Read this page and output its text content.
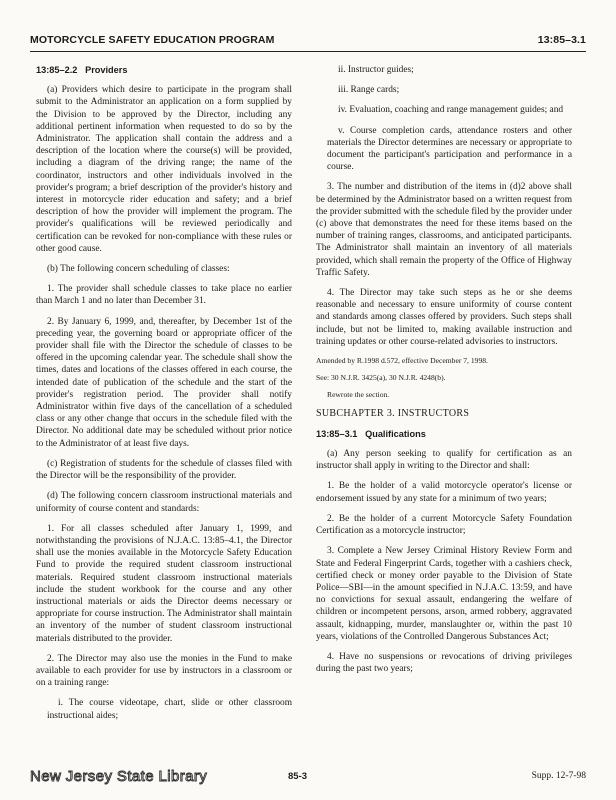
MOTORCYCLE SAFETY EDUCATION PROGRAM	13:85–3.1

13:85–2.2 Providers

(a) Providers which desire to participate in the program shall submit to the Administrator an application on a form supplied by the Division to be approved by the Director, including any additional pertinent information when requested to do so by the Administrator. The application shall contain the address and a description of the location where the course(s) will be provided, including a diagram of the driving range; the name of the coordinator, instructors and other individuals involved in the provider's program; a brief description of the provider's history and interest in motorcycle rider education and safety; and a brief description of how the provider will implement the program. The provider's qualifications will be reviewed periodically and certification can be revoked for non-compliance with these rules or other good cause.

(b) The following concern scheduling of classes:

1. The provider shall schedule classes to take place no earlier than March 1 and no later than December 31.

2. By January 6, 1999, and, thereafter, by December 1st of the preceding year, the governing board or appropriate officer of the provider shall file with the Director the schedule of classes to be offered in the upcoming calendar year. The schedule shall show the times, dates and locations of the classes offered in each course, the intended date of publication of the schedule and the start of the provider's registration period. The provider shall notify Administrator within five days of the cancellation of a scheduled class or any other change that occurs in the schedule filed with the Director. No additional date may be scheduled without prior notice to the Administrator of at least five days.

(c) Registration of students for the schedule of classes filed with the Director will be the responsibility of the provider.

(d) The following concern classroom instructional materials and uniformity of course content and standards:

1. For all classes scheduled after January 1, 1999, and notwithstanding the provisions of N.J.A.C. 13:85–4.1, the Director shall use the monies available in the Motorcycle Safety Education Fund to provide the required student classroom instructional materials. Required student classroom instructional materials include the student workbook for the course and any other instructional materials or aids the Director deems necessary or appropriate for course instruction. The Administrator shall maintain an inventory of the number of student classroom instructional materials distributed to the provider.

2. The Director may also use the monies in the Fund to make available to each provider for use by instructors in a classroom or on a training range:

i. The course videotape, chart, slide or other classroom instructional aides;

ii. Instructor guides;

iii. Range cards;

iv. Evaluation, coaching and range management guides; and

v. Course completion cards, attendance rosters and other materials the Director determines are necessary or appropriate to document the participant's participation and performance in a course.

3. The number and distribution of the items in (d)2 above shall be determined by the Administrator based on a written request from the provider submitted with the schedule filed by the provider under (c) above that demonstrates the need for these items based on the number of training ranges, classrooms, and anticipated participants. The Administrator shall maintain an inventory of all materials provided, which shall remain the property of the Office of Highway Traffic Safety.

4. The Director may take such steps as he or she deems reasonable and necessary to ensure uniformity of course content and standards among classes offered by providers. Such steps shall include, but not be limited to, making available instruction and training updates or other course-related advisories to instructors.

Amended by R.1998 d.572, effective December 7, 1998.

See: 30 N.J.R. 3425(a), 30 N.J.R. 4248(b).

Rewrote the section.

SUBCHAPTER 3. INSTRUCTORS

13:85–3.1 Qualifications

(a) Any person seeking to qualify for certification as an instructor shall apply in writing to the Director and shall:

1. Be the holder of a valid motorcycle operator's license or endorsement issued by any state for a minimum of two years;

2. Be the holder of a current Motorcycle Safety Foundation Certification as a motorcycle instructor;

3. Complete a New Jersey Criminal History Review Form and State and Federal Fingerprint Cards, together with a cashiers check, certified check or money order payable to the Division of State Police—SBI—in the amount specified in N.J.A.C. 13:59, and have no convictions for sexual assault, endangering the welfare of children or incompetent persons, arson, armed robbery, aggravated assault, kidnapping, murder, manslaughter or, within the past 10 years, violations of the Controlled Dangerous Substances Act;

4. Have no suspensions or revocations of driving privileges during the past two years;

New Jersey State Library	85-3	Supp. 12-7-98
